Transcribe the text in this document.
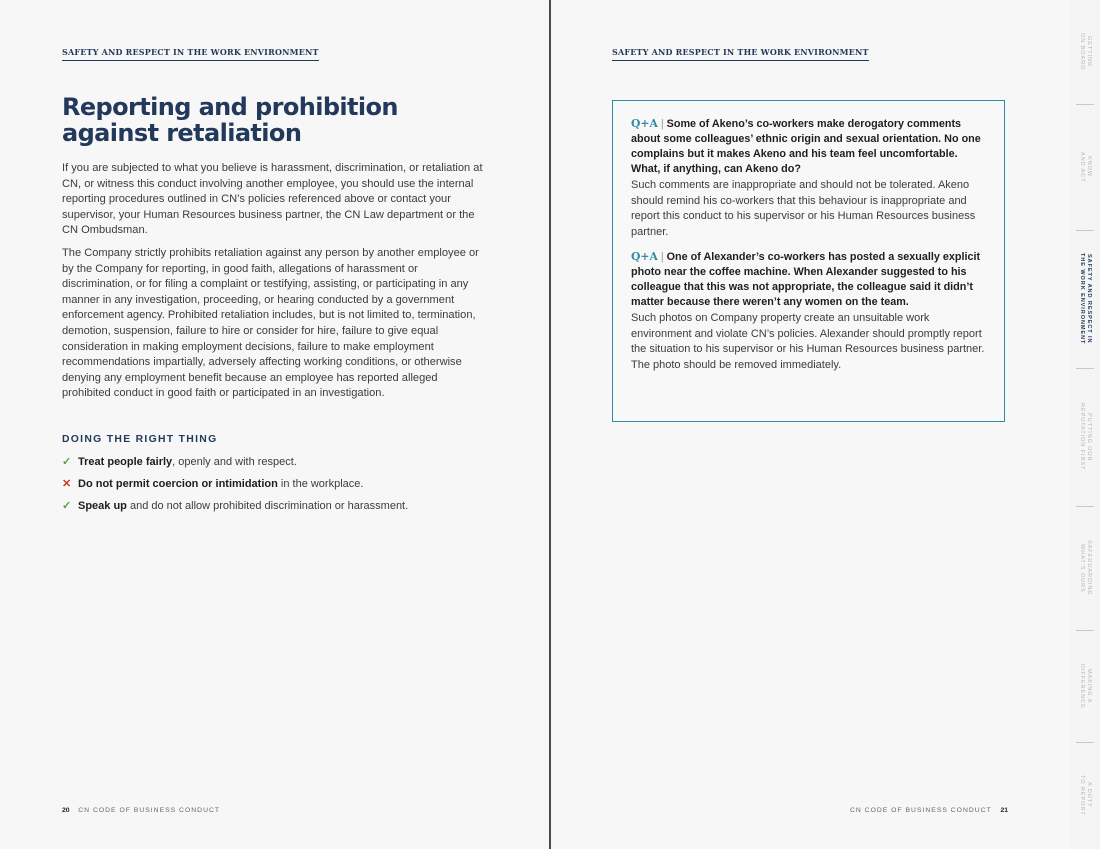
SAFETY AND RESPECT IN THE WORK ENVIRONMENT
Reporting and prohibition against retaliation

If you are subjected to what you believe is harassment, discrimination, or retaliation at CN, or witness this conduct involving another employee, you should use the internal reporting procedures outlined in CN’s policies referenced above or contact your supervisor, your Human Resources business partner, the CN Law department or the CN Ombudsman.

The Company strictly prohibits retaliation against any person by another employee or by the Company for reporting, in good faith, allegations of harassment or discrimination, or for filing a complaint or testifying, assisting, or participating in any manner in any investigation, proceeding, or hearing conducted by a government enforcement agency. Prohibited retaliation includes, but is not limited to, termination, demotion, suspension, failure to hire or consider for hire, failure to give equal consideration in making employment decisions, failure to make employment recommendations impartially, adversely affecting working conditions, or otherwise denying any employment benefit because an employee has reported alleged prohibited conduct in good faith or participated in an investigation.

DOING THE RIGHT THING
✓ Treat people fairly, openly and with respect.
✕ Do not permit coercion or intimidation in the workplace.
✓ Speak up and do not allow prohibited discrimination or harassment.
20 CN CODE OF BUSINESS CONDUCT
SAFETY AND RESPECT IN THE WORK ENVIRONMENT

Q+A | Some of Akeno’s co-workers make derogatory comments about some colleagues’ ethnic origin and sexual orientation. No one complains but it makes Akeno and his team feel uncomfortable. What, if anything, can Akeno do?

Such comments are inappropriate and should not be tolerated. Akeno should remind his co-workers that this behaviour is inappropriate and report this conduct to his supervisor or his Human Resources business partner.

Q+A | One of Alexander’s co-workers has posted a sexually explicit photo near the coffee machine. When Alexander suggested to his colleague that this was not appropriate, the colleague said it didn’t matter because there weren’t any women on the team.

Such photos on Company property create an unsuitable work environment and violate CN’s policies. Alexander should promptly report the situation to his supervisor or his Human Resources business partner. The photo should be removed immediately.

CN CODE OF BUSINESS CONDUCT 21
GETTING
ON BOARD
KNOW
AND ACT
SAFETY AND RESPECT IN
THE WORK ENVIRONMENT
PUTTING OUR
REPUTATION FIRST
SAFEGUARDING
WHAT’S OURS
MAKING A
DIFFERENCE
A DUTY
TO REPORT
